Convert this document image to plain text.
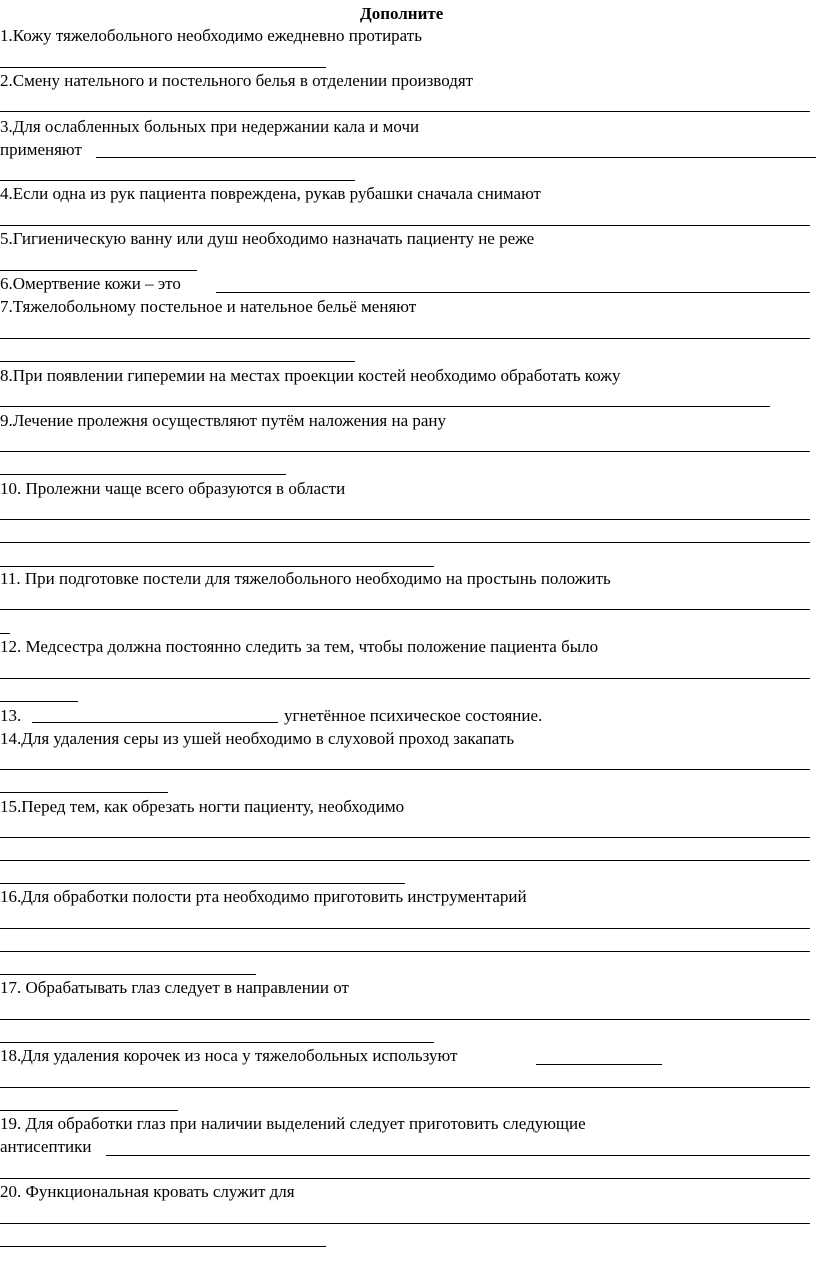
Дополните
1.Кожу тяжелобольного необходимо ежедневно протирать
2.Смену нательного и постельного белья в отделении производят
3.Для ослабленных больных при недержании кала и мочи
применяют
4.Если одна из рук пациента повреждена, рукав рубашки сначала снимают
5.Гигиеническую ванну или душ необходимо назначать пациенту не реже
6.Омертвение кожи – это
7.Тяжелобольному постельное и нательное бельё меняют
8.При появлении гиперемии на местах проекции костей необходимо обработать кожу
9.Лечение пролежня осуществляют путём наложения на рану
10. Пролежни чаще всего образуются в области
11. При подготовке постели для тяжелобольного необходимо на простынь положить
12. Медсестра должна постоянно следить за тем, чтобы положение пациента было
13.	угнетённое психическое состояние.
14.Для удаления серы из ушей необходимо в слуховой проход закапать
15.Перед тем, как обрезать ногти пациенту, необходимо
16.Для обработки полости рта необходимо приготовить инструментарий
17. Обрабатывать глаз следует в направлении от
18.Для удаления корочек из носа у тяжелобольных используют
19. Для обработки глаз при наличии выделений следует приготовить следующие
антисептики
20. Функциональная кровать служит для
